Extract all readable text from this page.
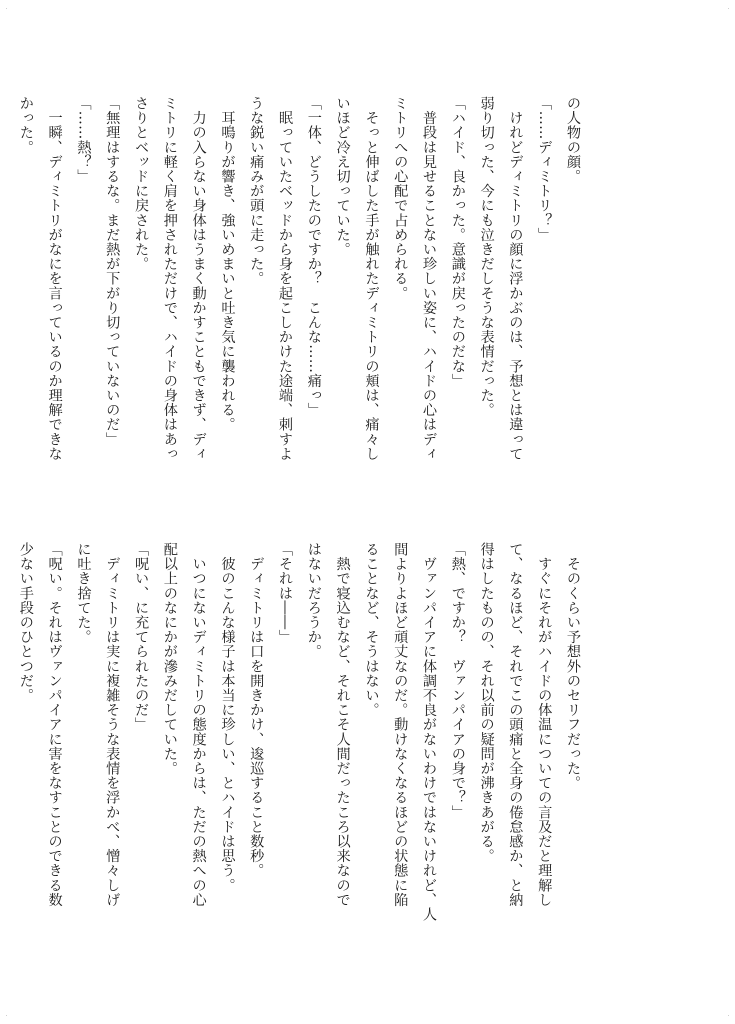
の人物の顔。
「……ディミトリ？」
　けれどディミトリの顔に浮かぶのは、予想とは違って
弱り切った、今にも泣きだしそうな表情だった。
「ハイド、良かった。意識が戻ったのだな」
　普段は見せることない珍しい姿に、ハイドの心はディ
ミトリへの心配で占められる。
　そっと伸ばした手が触れたディミトリの頬は、痛々し
いほど冷え切っていた。
「一体、どうしたのですか？　こんな……痛っ」
　眠っていたベッドから身を起こしかけた途端、刺すよ
うな鋭い痛みが頭に走った。
　耳鳴りが響き、強いめまいと吐き気に襲われる。
　力の入らない身体はうまく動かすこともできず、ディ
ミトリに軽く肩を押されただけで、ハイドの身体はあっ
さりとベッドに戻された。
「無理はするな。まだ熱が下がり切っていないのだ」
「……熱？」
　一瞬、ディミトリがなにを言っているのか理解できな
かった。
　そのくらい予想外のセリフだった。
　すぐにそれがハイドの体温についての言及だと理解し
て、なるほど、それでこの頭痛と全身の倦怠感か、と納
得はしたものの、それ以前の疑問が沸きあがる。
「熱、ですか？　ヴァンパイアの身で？」
　ヴァンパイアに体調不良がないわけではないけれど、人
間よりよほど頑丈なのだ。動けなくなるほどの状態に陥
ることなど、そうはない。
　熱で寝込むなど、それこそ人間だったころ以来なので
はないだろうか。
「それは――」
　ディミトリは口を開きかけ、逡巡すること数秒。
　彼のこんな様子は本当に珍しい、とハイドは思う。
　いつにないディミトリの態度からは、ただの熱への心
配以上のなにかが滲みだしていた。
「呪い、に充てられたのだ」
　ディミトリは実に複雑そうな表情を浮かべ、憎々しげ
に吐き捨てた。
「呪い。それはヴァンパイアに害をなすことのできる数
少ない手段のひとつだ。
